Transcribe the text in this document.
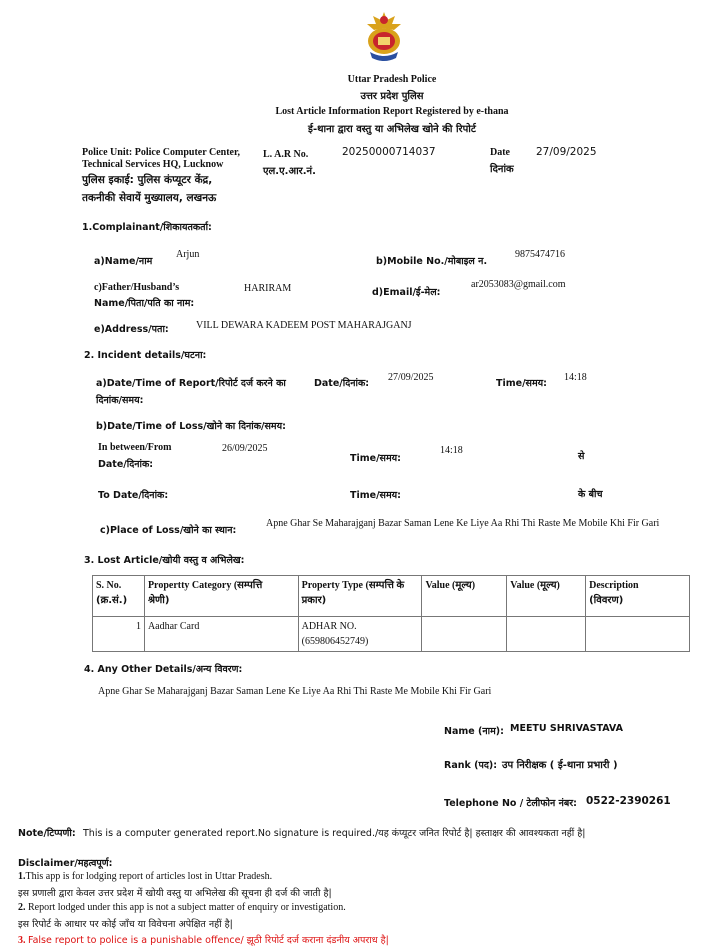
Uttar Pradesh Police
उत्तर प्रदेश पुलिस
Lost Article Information Report Registered by e-thana
ई-थाना द्वारा वस्तु या अभिलेख खोने की रिपोर्ट
Police Unit: Police Computer Center,
Technical Services HQ, Lucknow
पुलिस इकाई: पुलिस कंप्यूटर केंद्र,
तकनीकी सेवायें मुख्यालय, लखनऊ
L. A.R No.
एल.ए.आर.नं.
20250000714037	Date
दिनांक
27/09/2025
1.Complainant/शिकायतकर्ता:
a)Name/नाम
Arjun
b)Mobile No./मोबाइल न.
9875474716
c)Father/Husband’s
Name/पिता/पति का नाम:
HARIRAM	d)Email/ई-मेल:
ar2053083@gmail.com
e)Address/पता:	VILL DEWARA KADEEM POST MAHARAJGANJ
2. Incident details/घटना:
a)Date/Time of Report/रिपोर्ट दर्ज करने का
दिनांक/समय:
Date/दिनांक:
27/09/2025
Time/समय:
14:18
b)Date/Time of Loss/खोने का दिनांक/समय:
In between/From
Date/दिनांक:
26/09/2025
Time/समय:
14:18
से
To Date/दिनांक:	Time/समय:	के बीच
c)Place of Loss/खोने का स्थान:
Apne Ghar Se Maharajganj Bazar Saman Lene Ke Liye Aa Rhi Thi Raste Me Mobile Khi Fir Gari
3. Lost Article/खोयी वस्तु व अभिलेख:
S. No.
(क्र.सं.)	Propertty Category (सम्पत्ति
श्रेणी)	Property Type (सम्पत्ति के
प्रकार)	Value (मूल्य)	Value (मूल्य)	Description
(विवरण)
1	Aadhar Card	ADHAR NO.
(659806452749)			
4. Any Other Details/अन्य विवरण:
Apne Ghar Se Maharajganj Bazar Saman Lene Ke Liye Aa Rhi Thi Raste Me Mobile Khi Fir Gari
Name (नाम): MEETU SHRIVASTAVA
Rank (पद): उप निरीक्षक ( ई-थाना प्रभारी )
Telephone No / टेलीफोन नंबर: 0522-2390261
Note/टिप्पणी: This is a computer generated report.No signature is required./यह कंप्यूटर जनित रिपोर्ट है| हस्ताक्षर की आवश्यकता नहीं है|
Disclaimer/महत्वपूर्ण:
1.This app is for lodging report of articles lost in Uttar Pradesh.
इस प्रणाली द्वारा केवल उत्तर प्रदेश में खोयी वस्तु या अभिलेख की सूचना ही दर्ज की जाती है|
2. Report lodged under this app is not a subject matter of enquiry or investigation.
इस रिपोर्ट के आधार पर कोई जाँच या विवेचना अपेक्षित नहीं है|
3. False report to police is a punishable offence/ झूठी रिपोर्ट दर्ज कराना दंडनीय अपराध है|
